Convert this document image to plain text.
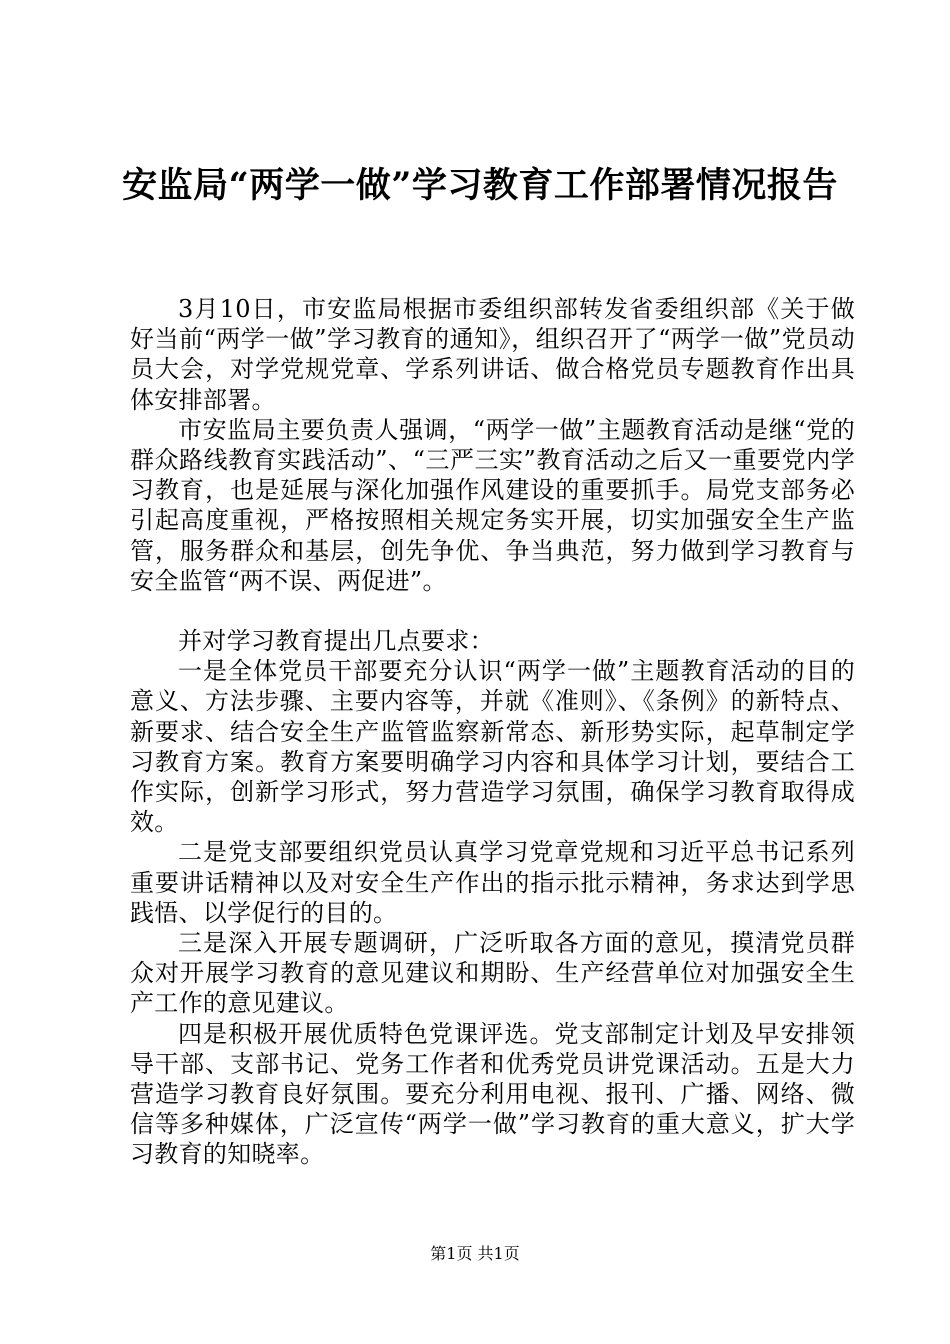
安监局“两学一做”学习教育工作部署情况报告

3月10日，市安监局根据市委组织部转发省委组织部《关于做好当前“两学一做”学习教育的通知》，组织召开了“两学一做”党员动员大会，对学党规党章、学系列讲话、做合格党员专题教育作出具体安排部署。

市安监局主要负责人强调，“两学一做”主题教育活动是继“党的群众路线教育实践活动”、“三严三实”教育活动之后又一重要党内学习教育，也是延展与深化加强作风建设的重要抓手。局党支部务必引起高度重视，严格按照相关规定务实开展，切实加强安全生产监管，服务群众和基层，创先争优、争当典范，努力做到学习教育与安全监管“两不误、两促进”。

并对学习教育提出几点要求：

一是全体党员干部要充分认识“两学一做”主题教育活动的目的意义、方法步骤、主要内容等，并就《准则》、《条例》的新特点、新要求、结合安全生产监管监察新常态、新形势实际，起草制定学习教育方案。教育方案要明确学习内容和具体学习计划，要结合工作实际，创新学习形式，努力营造学习氛围，确保学习教育取得成效。

二是党支部要组织党员认真学习党章党规和习近平总书记系列重要讲话精神以及对安全生产作出的指示批示精神，务求达到学思践悟、以学促行的目的。

三是深入开展专题调研，广泛听取各方面的意见，摸清党员群众对开展学习教育的意见建议和期盼、生产经营单位对加强安全生产工作的意见建议。

四是积极开展优质特色党课评选。党支部制定计划及早安排领导干部、支部书记、党务工作者和优秀党员讲党课活动。五是大力营造学习教育良好氛围。要充分利用电视、报刊、广播、网络、微信等多种媒体，广泛宣传“两学一做”学习教育的重大意义，扩大学习教育的知晓率。

第1页 共1页
